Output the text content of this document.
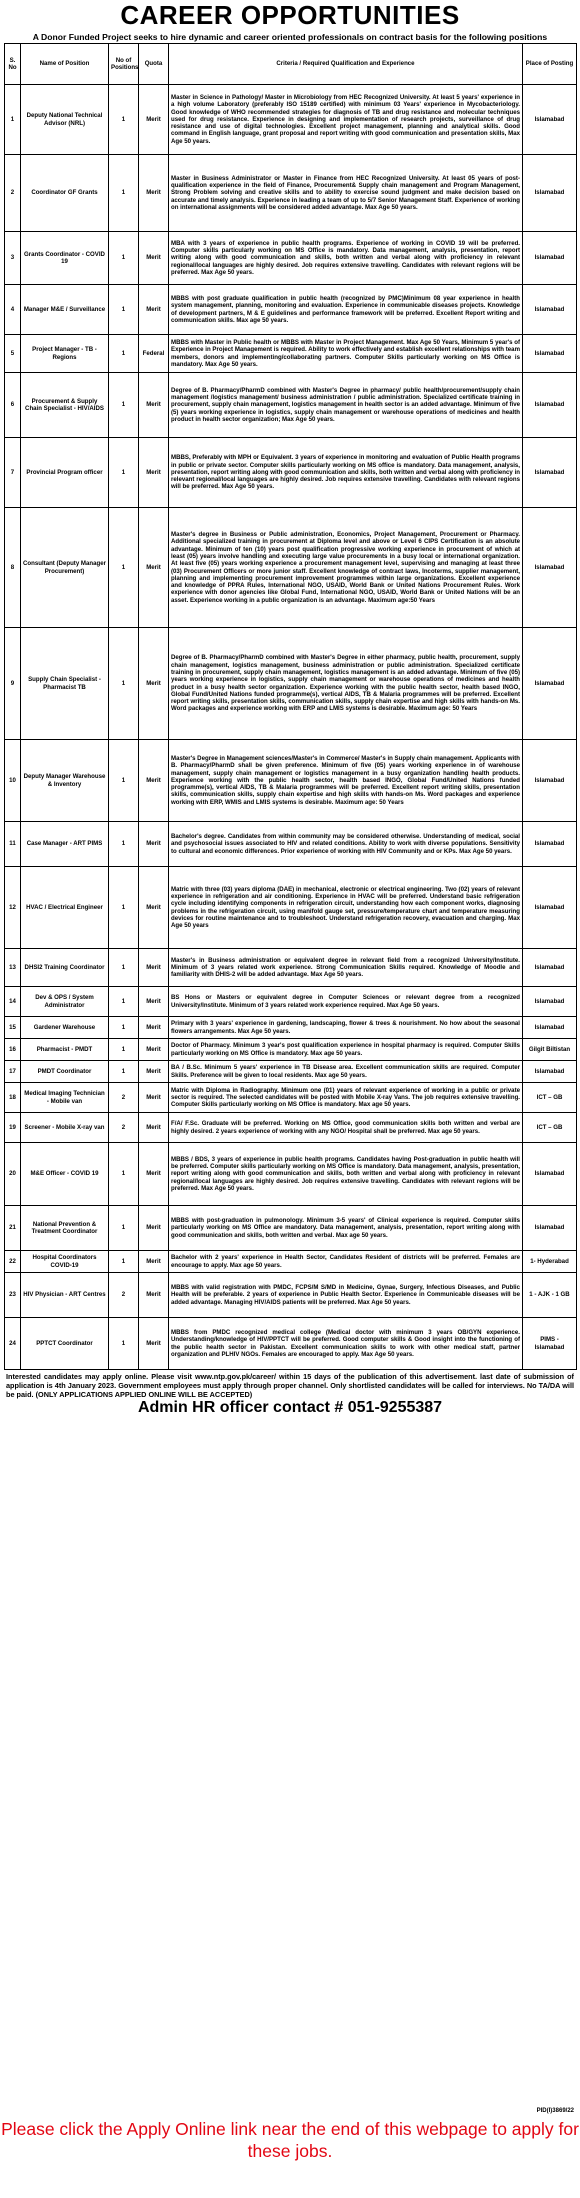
CAREER OPPORTUNITIES
A Donor Funded Project seeks to hire dynamic and career oriented professionals on contract basis for the following positions
S. No	Name of Position	No of Positions	Quota	Criteria / Required Qualification and Experience	Place of Posting
1	Deputy National Technical Advisor (NRL)	1	Merit	Master in Science in Pathology/ Master in Microbiology from HEC Recognized University. At least 5 years' experience in a high volume Laboratory (preferably ISO 15189 certified) with minimum 03 Years' experience in Mycobacteriology. Good knowledge of WHO recommended strategies for diagnosis of TB and drug resistance and molecular techniques used for drug resistance. Experience in designing and implementation of research projects, surveillance of drug resistance and use of digital technologies. Excellent project management, planning and analytical skills. Good command in English language, grant proposal and report writing with good communication and presentation skills, Max Age 50 years.	Islamabad
2	Coordinator GF Grants	1	Merit	Master in Business Administrator or Master in Finance from HEC Recognized University. At least 05 years of post-qualification experience in the field of Finance, Procurement& Supply chain management and Program Management, Strong Problem solving and creative skills and to ability to exercise sound judgment and make decision based on accurate and timely analysis. Experience in leading a team of up to 5/7 Senior Management Staff. Experience of working on international assignments will be considered added advantage. Max Age 50 years.	Islamabad
3	Grants Coordinator - COVID 19	1	Merit	MBA with 3 years of experience in public health programs. Experience of working in COVID 19 will be preferred. Computer skills particularly working on MS Office is mandatory. Data management, analysis, presentation, report writing along with good communication and skills, both written and verbal along with proficiency in relevant regional/local languages are highly desired. Job requires extensive travelling. Candidates with relevant regions will be preferred. Max Age 50 years.	Islamabad
4	Manager M&E / Surveillance	1	Merit	MBBS with post graduate qualification in public health (recognized by PMC)Minimum 08 year experience in health system management, planning, monitoring and evaluation. Experience in communicable diseases projects. Knowledge of development partners, M & E guidelines and performance framework will be preferred. Excellent Report writing and communication skills. Max age 50 years.	Islamabad
5	Project Manager - TB -Regions	1	Federal	MBBS with Master in Public health or MBBS with Master in Project Management. Max Age 50 Years, Minimum 5 year's of Experience in Project Management is required. Ability to work effectively and establish excellent relationships with team members, donors and implementing/collaborating partners. Computer Skills particularly working on MS Office is mandatory. Max Age 50 years.	Islamabad
6	Procurement & Supply Chain Specialist - HIV/AIDS	1	Merit	Degree of B. Pharmacy/PharmD combined with Master's Degree in pharmacy/ public health/procurement/supply chain management /logistics management/ business administration / public administration. Specialized certificate training in procurement, supply chain management, logistics management in health sector is an added advantage. Minimum of five (5) years working experience in logistics, supply chain management or warehouse operations of medicines and health product in health sector organization; Max Age 50 years.	Islamabad
7	Provincial Program officer	1	Merit	MBBS, Preferably with MPH or Equivalent. 3 years of experience in monitoring and evaluation of Public Health programs in public or private sector. Computer skills particularly working on MS office is mandatory. Data management, analysis, presentation, report writing along with good communication and skills, both written and verbal along with proficiency in relevant regional/local languages are highly desired. Job requires extensive travelling. Candidates with relevant regions will be preferred. Max Age 50 years.	Islamabad
8	Consultant (Deputy Manager Procurement)	1	Merit	Master's degree in Business or Public administration, Economics, Project Management, Procurement or Pharmacy. Additional specialized training in procurement at Diploma level and above or Level 6 CIPS Certification is an absolute advantage. Minimum of ten (10) years post qualification progressive working experience in procurement of which at least (05) years involve handling and executing large value procurements in a busy local or international organization. At least five (05) years working experience a procurement management level, supervising and managing at least three (03) Procurement Officers or more junior staff. Excellent knowledge of contract laws, Incoterms, supplier management, planning and implementing procurement improvement programmes within large organizations. Excellent experience and knowledge of PPRA Rules, International NGO, USAID, World Bank or United Nations Procurement Rules. Work experience with donor agencies like Global Fund, International NGO, USAID, World Bank or United Nations will be an asset. Experience working in a public organization is an advantage. Maximum age:50 Years	Islamabad
9	Supply Chain Specialist - Pharmacist TB	1	Merit	Degree of B. Pharmacy/PharmD combined with Master's Degree in either pharmacy, public health, procurement, supply chain management, logistics management, business administration or public administration. Specialized certificate training in procurement, supply chain management, logistics management is an added advantage. Minimum of five (05) years working experience in logistics, supply chain management or warehouse operations of medicines and health product in a busy health sector organization. Experience working with the public health sector, health based INGO, Global Fund/United Nations funded programme(s), vertical AIDS, TB & Malaria programmes will be preferred. Excellent report writing skills, presentation skills, communication skills, supply chain expertise and high skills with hands-on Ms. Word packages and experience working with ERP and LMIS systems is desirable. Maximum age: 50 Years	Islamabad
10	Deputy Manager Warehouse & Inventory	1	Merit	Master's Degree in Management sciences/Master's in Commerce/ Master's in Supply chain management. Applicants with B. Pharmacy/PharmD shall be given preference. Minimum of five (05) years working experience in of warehouse management, supply chain management or logistics management in a busy organization handling health products. Experience working with the public health sector, health based INGO, Global Fund/United Nations funded programme(s), vertical AIDS, TB & Malaria programmes will be preferred. Excellent report writing skills, presentation skills, communication skills, supply chain expertise and high skills with hands-on Ms. Word packages and experience working with ERP, WMIS and LMIS systems is desirable. Maximum age: 50 Years	Islamabad
11	Case Manager - ART PIMS	1	Merit	Bachelor's degree. Candidates from within community may be considered otherwise. Understanding of medical, social and psychosocial issues associated to HIV and related conditions. Ability to work with diverse populations. Sensitivity to cultural and economic differences. Prior experience of working with HIV Community and or KPs. Max Age 50 years.	Islamabad
12	HVAC / Electrical Engineer	1	Merit	Matric with three (03) years diploma (DAE) in mechanical, electronic or electrical engineering. Two (02) years of relevant experience in refrigeration and air conditioning. Experience in HVAC will be preferred. Understand basic refrigeration cycle including identifying components in refrigeration circuit, understanding how each component works, diagnosing problems in the refrigeration circuit, using manifold gauge set, pressure/temperature chart and temperature measuring devices for routine maintenance and to troubleshoot. Understand refrigeration recovery, evacuation and charging. Max Age 50 years	Islamabad
13	DHSI2 Training Coordinator	1	Merit	Master's in Business administration or equivalent degree in relevant field from a recognized University/Institute. Minimum of 3 years related work experience. Strong Communication Skills required. Knowledge of Moodle and familiarity with DHIS-2 will be added advantage. Max Age 50 years.	Islamabad
14	Dev & OPS / System Administrator	1	Merit	BS Hons or Masters or equivalent degree in Computer Sciences or relevant degree from a recognized University/Institute. Minimum of 3 years related work experience required. Max Age 50 years.	Islamabad
15	Gardener Warehouse	1	Merit	Primary with 3 years' experience in gardening, landscaping, flower & trees & nourishment. No how about the seasonal flowers arrangements. Max Age 50 years.	Islamabad
16	Pharmacist - PMDT	1	Merit	Doctor of Pharmacy. Minimum 3 year's post qualification experience in hospital pharmacy is required. Computer Skills particularly working on MS Office is mandatory. Max age 50 years.	Gilgit Biltistan
17	PMDT Coordinator	1	Merit	BA / B.Sc. Minimum 5 years' experience in TB Disease area. Excellent communication skills are required. Computer Skills. Preference will be given to local residents. Max age 50 years.	Islamabad
18	Medical Imaging Technician - Mobile van	2	Merit	Matric with Diploma in Radiography. Minimum one (01) years of relevant experience of working in a public or private sector is required. The selected candidates will be posted with Mobile X-ray Vans. The job requires extensive travelling. Computer Skills particularly working on MS Office is mandatory. Max age 50 years.	ICT – GB
19	Screener - Mobile X-ray van	2	Merit	F/A/ F.Sc. Graduate will be preferred. Working on MS Office, good communication skills both written and verbal are highly desired. 2 years experience of working with any NGO/ Hospital shall be preferred. Max age 50 years.	ICT – GB
20	M&E Officer - COVID 19	1	Merit	MBBS / BDS, 3 years of experience in public health programs. Candidates having Post-graduation in public health will be preferred. Computer skills particularly working on MS Office is mandatory. Data management, analysis, presentation, report writing along with good communication and skills, both written and verbal along with proficiency in relevant regional/local languages are highly desired. Job requires extensive travelling. Candidates with relevant regions will be preferred. Max Age 50 years.	Islamabad
21	National Prevention & Treatment Coordinator	1	Merit	MBBS with post-graduation in pulmonology. Minimum 3-5 years' of Clinical experience is required. Computer skills particularly working on MS Office are mandatory. Data management, analysis, presentation, report writing along with good communication and skills, both written and verbal. Max age 50 years.	Islamabad
22	Hospital Coordinators COVID-19	1	Merit	Bachelor with 2 years' experience in Health Sector, Candidates Resident of districts will be preferred. Females are encourage to apply. Max age 50 years.	1- Hyderabad
23	HIV Physician - ART Centres	2	Merit	MBBS with valid registration with PMDC, FCPS/M S/MD in Medicine, Gynae, Surgery, Infectious Diseases, and Public Health will be preferable. 2 years of experience in Public Health Sector. Experience in Communicable diseases will be added advantage. Managing HIV/AIDS patients will be preferred. Max Age 50 years.	1 - AJK - 1 GB
24	PPTCT Coordinator	1	Merit	MBBS from PMDC recognized medical college (Medical doctor with minimum 3 years OB/GYN experience. Understanding/knowledge of HIV/PPTCT will be preferred. Good computer skills & Good insight into the functioning of the public health sector in Pakistan. Excellent communication skills to work with other medical staff, partner organization and PLHIV NGOs. Females are encouraged to apply. Max Age 50 years.	PIMS - Islamabad
Interested candidates may apply online. Please visit www.ntp.gov.pk/career/ within 15 days of the publication of this advertisement. last date of submission of application is 4th January 2023. Government employees must apply through proper channel. Only shortlisted candidates will be called for interviews. No TA/DA will be paid. (ONLY APPLICATIONS APPLIED ONLINE WILL BE ACCEPTED)
Admin HR officer contact # 051-9255387
PID(I)3869/22
Please click the Apply Online link near the end of this webpage to apply for these jobs.
